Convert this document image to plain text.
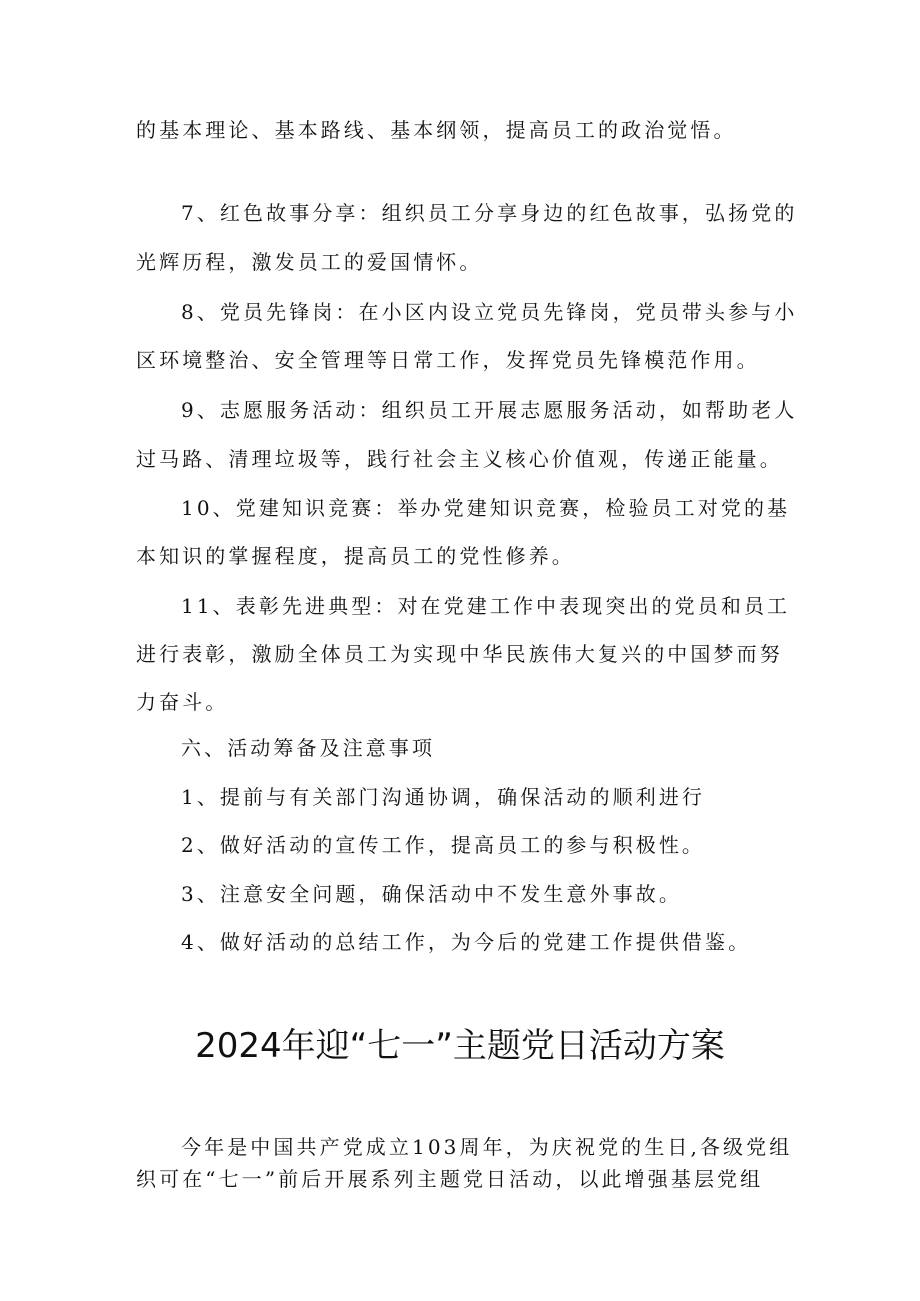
的基本理论、基本路线、基本纲领，提高员工的政治觉悟。
7、红色故事分享：组织员工分享身边的红色故事，弘扬党的
光辉历程，激发员工的爱国情怀。
8、党员先锋岗：在小区内设立党员先锋岗，党员带头参与小
区环境整治、安全管理等日常工作，发挥党员先锋模范作用。
9、志愿服务活动：组织员工开展志愿服务活动，如帮助老人
过马路、清理垃圾等，践行社会主义核心价值观，传递正能量。
10、党建知识竞赛：举办党建知识竞赛，检验员工对党的基
本知识的掌握程度，提高员工的党性修养。
11、表彰先进典型：对在党建工作中表现突出的党员和员工
进行表彰，激励全体员工为实现中华民族伟大复兴的中国梦而努
力奋斗。
六、活动筹备及注意事项
1、提前与有关部门沟通协调，确保活动的顺利进行
2、做好活动的宣传工作，提高员工的参与积极性。
3、注意安全问题，确保活动中不发生意外事故。
4、做好活动的总结工作，为今后的党建工作提供借鉴。
2024年迎“七一”主题党日活动方案
今年是中国共产党成立103周年，为庆祝党的生日,各级党组
织可在“七一”前后开展系列主题党日活动，以此增强基层党组
